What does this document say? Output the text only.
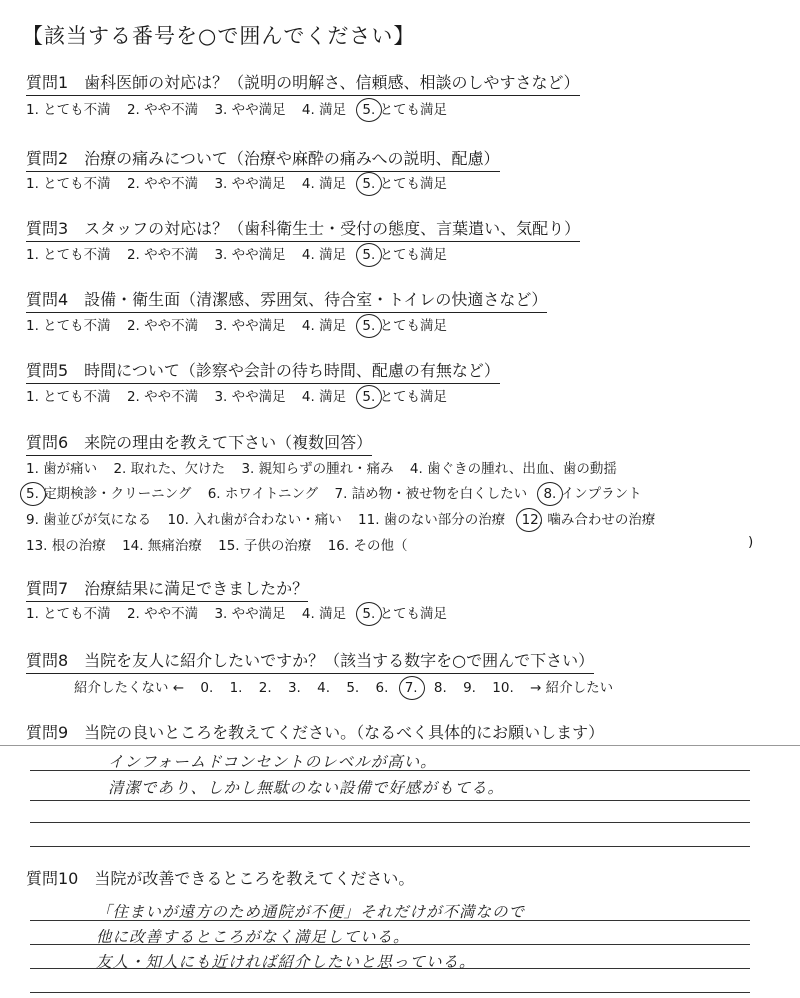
【該当する番号を○で囲んでください】
質問1　歯科医師の対応は？（説明の明解さ、信頼感、相談のしやすさなど）
1. とても不満 2. やや不満 3. やや満足 4. 満足 5. とても満足
質問2　治療の痛みについて（治療や麻酔の痛みへの説明、配慮）
1. とても不満 2. やや不満 3. やや満足 4. 満足 5. とても満足
質問3　スタッフの対応は？（歯科衛生士・受付の態度、言葉遣い、気配り）
1. とても不満 2. やや不満 3. やや満足 4. 満足 5. とても満足
質問4　設備・衛生面（清潔感、雰囲気、待合室・トイレの快適さなど）
1. とても不満 2. やや不満 3. やや満足 4. 満足 5. とても満足
質問5　時間について（診察や会計の待ち時間、配慮の有無など）
1. とても不満 2. やや不満 3. やや満足 4. 満足 5. とても満足
質問6　来院の理由を教えて下さい（複数回答）
1. 歯が痛い 2. 取れた、欠けた 3. 親知らずの腫れ・痛み 4. 歯ぐきの腫れ、出血、歯の動揺
5. 定期検診・クリーニング 6. ホワイトニング 7. 詰め物・被せ物を白くしたい 8. インプラント
9. 歯並びが気になる 10. 入れ歯が合わない・痛い 11. 歯のない部分の治療 12. 噛み合わせの治療
13. 根の治療 14. 無痛治療 15. 子供の治療 16. その他（	)
質問7　治療結果に満足できましたか？
1. とても不満 2. やや不満 3. やや満足 4. 満足 5. とても満足
質問8　当院を友人に紹介したいですか？（該当する数字を○で囲んで下さい）
紹介したくない ← 0. 1. 2. 3. 4. 5. 6. 7. 8. 9. 10. → 紹介したい
質問9　当院の良いところを教えてください。（なるべく具体的にお願いします）
インフォームドコンセントのレベルが高い。
清潔であり、しかし無駄のない設備で好感がもてる。
質問10　当院が改善できるところを教えてください。
「住まいが遠方のため通院が不便」それだけが不満なので
他に改善するところがなく満足している。
友人・知人にも近ければ紹介したいと思っている。
